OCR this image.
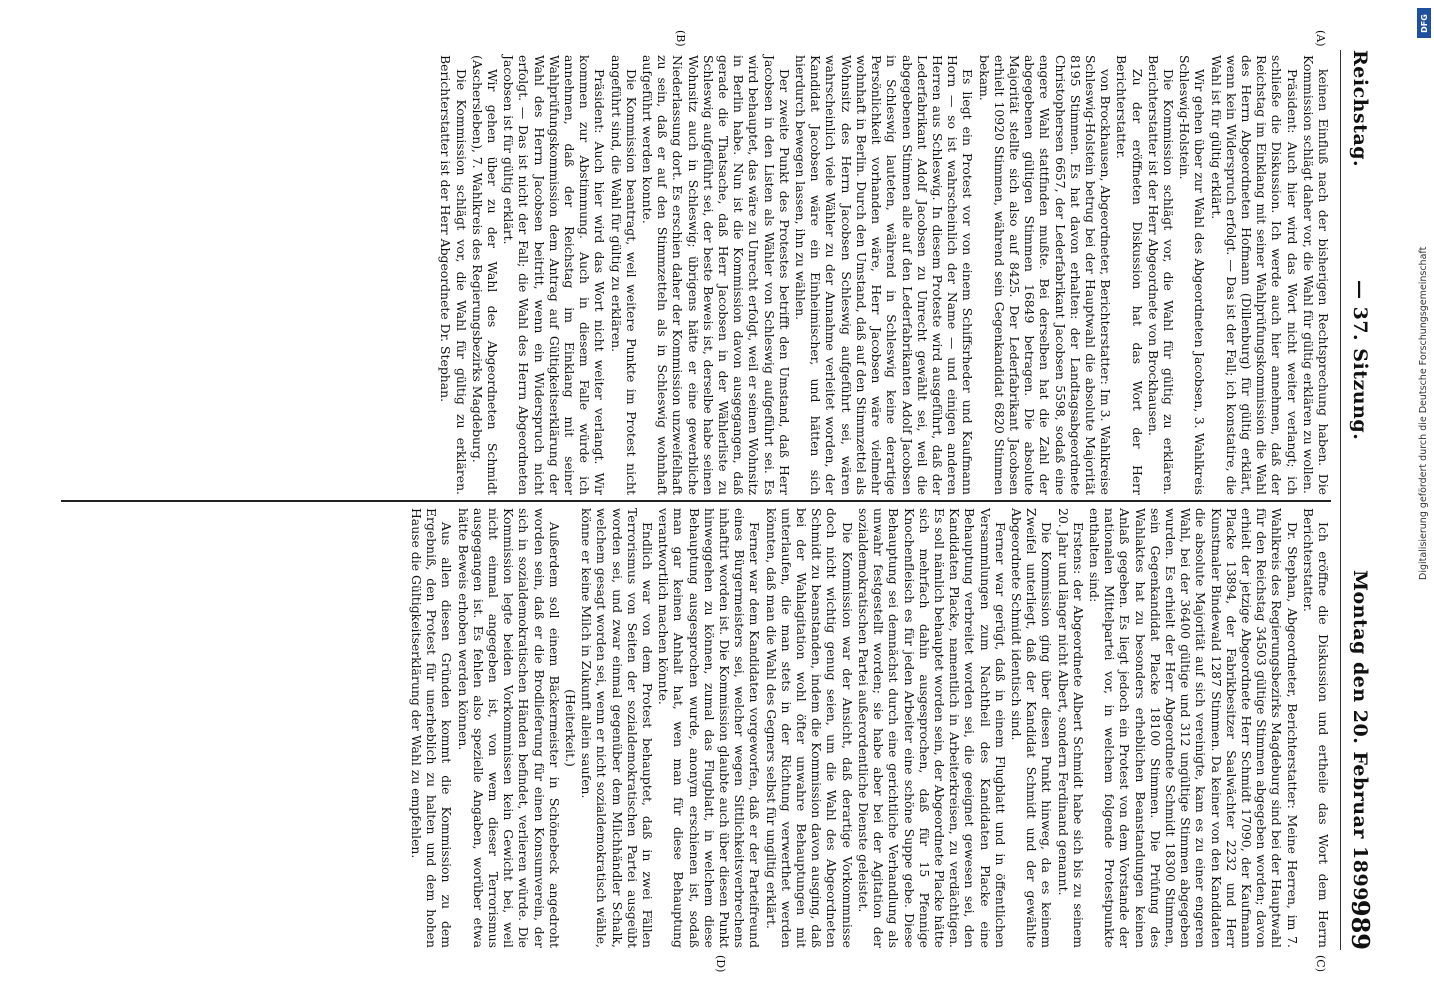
Reichstag.
— 37. Sitzung.
Montag den 20. Februar 1899.
989
(A)
(B)
(C)
(D)

keinen Einfluß nach der bisherigen Rechtsprechung haben. Die Kommission schlägt daher vor, die Wahl für gültig erklären zu wollen.

Präsident: Auch hier wird das Wort nicht weiter verlangt; ich schließe die Diskussion. Ich werde auch hier annehmen, daß der Reichstag im Einklang mit seiner Wahlprüfungskommission die Wahl des Herrn Abgeordneten Hofmann (Dillenburg) für gültig erklärt, wenn kein Widerspruch erfolgt. — Das ist der Fall; ich konstatire, die Wahl ist für gültig erklärt.

Wir gehen über zur Wahl des Abgeordneten Jacobsen, 3. Wahlkreis Schleswig-Holstein.

Die Kommission schlägt vor, die Wahl für gültig zu erklären. Berichterstatter ist der Herr Abgeordnete von Brockhausen.

Zu der eröffneten Diskussion hat das Wort der Herr Berichterstatter.

von Brockhausen, Abgeordneter, Berichterstatter: Im 3. Wahlkreise Schleswig-Holstein betrug bei der Hauptwahl die absolute Majorität 8195 Stimmen. Es hat davon erhalten: der Landtagsabgeordnete Christophersen 6657, der Lederfabrikant Jacobsen 5598, sodaß eine engere Wahl stattfinden mußte. Bei derselben hat die Zahl der abgegebenen gültigen Stimmen 16849 betragen. Die absolute Majorität stellte sich also auf 8425. Der Lederfabrikant Jacobsen erhielt 10920 Stimmen, während sein Gegenkandidat 6820 Stimmen bekam.

Es liegt ein Protest vor von einem Schiffsrheder und Kaufmann Horn — so ist wahrscheinlich der Name — und einigen anderen Herren aus Schleswig. In diesem Proteste wird ausgeführt, daß der Lederfabrikant Adolf Jacobsen zu Unrecht gewählt sei, weil die abgegebenen Stimmen alle auf den Lederfabrikanten Adolf Jacobsen in Schleswig lauteten, während in Schleswig keine derartige Persönlichkeit vorhanden wäre, Herr Jacobsen wäre vielmehr wohnhaft in Berlin. Durch den Umstand, daß auf den Stimmzettel als Wohnsitz des Herrn Jacobsen Schleswig aufgeführt sei, wären wahrscheinlich viele Wähler zu der Annahme verleitet worden, der Kandidat Jacobsen wäre ein Einheimischer, und hätten sich hierdurch bewegen lassen, ihn zu wählen.

Der zweite Punkt des Protestes betrifft den Umstand, daß Herr Jacobsen in den Listen als Wähler von Schleswig aufgeführt sei. Es wird behauptet, das wäre zu Unrecht erfolgt, weil er seinen Wohnsitz in Berlin habe. Nun ist die Kommission davon ausgegangen, daß gerade die Thatsache, daß Herr Jacobsen in der Wählerliste zu Schleswig aufgeführt sei, der beste Beweis ist, derselbe habe seinen Wohnsitz auch in Schleswig; übrigens hätte er eine gewerbliche Niederlassung dort. Es erschien daher der Kommission unzweifelhaft zu sein, daß er auf den Stimmzetteln als in Schleswig wohnhaft aufgeführt werden konnte.

Die Kommission beantragt, weil weitere Punkte im Protest nicht angeführt sind, die Wahl für gültig zu erklären.

Präsident: Auch hier wird das Wort nicht weiter verlangt. Wir kommen zur Abstimmung. Auch in diesem Falle würde ich annehmen, daß der Reichstag im Einklang mit seiner Wahlprüfungskommission dem Antrag auf Gültigkeitserklärung der Wahl des Herrn Jacobsen beitritt, wenn ein Widerspruch nicht erfolgt. — Das ist nicht der Fall; die Wahl des Herrn Abgeordneten Jacobsen ist für gültig erklärt.

Wir gehen über zu der Wahl des Abgeordneten Schmidt (Aschersleben), 7. Wahlkreis des Regierungsbezirks Magdeburg.

Die Kommission schlägt vor, die Wahl für gültig zu erklären. Berichterstatter ist der Herr Abgeordnete Dr. Stephan.

Ich eröffne die Diskussion und ertheile das Wort dem Herrn Berichterstatter.

Dr. Stephan, Abgeordneter, Berichterstatter: Meine Herren, im 7. Wahlkreis des Regierungsbezirks Magdeburg sind bei der Hauptwahl für den Reichstag 34503 gültige Stimmen abgegeben worden; davon erhielt der jetzige Abgeordnete Herr Schmidt 17090, der Kaufmann Placke 13894, der Fabrikbesitzer Saalwächter 2232 und Herr Kunstmaler Bindewald 1287 Stimmen. Da keiner von den Kandidaten die absolute Majorität auf sich vereinigte, kam es zu einer engeren Wahl, bei der 36400 gültige und 312 ungültige Stimmen abgegeben wurden. Es erhielt der Herr Abgeordnete Schmidt 18300 Stimmen, sein Gegenkandidat Placke 18100 Stimmen. Die Prüfung des Wahlaktes hat zu besonders erheblichen Beanstandungen keinen Anlaß gegeben. Es liegt jedoch ein Protest von dem Vorstande der nationalen Mittelpartei vor, in welchem folgende Protestpunkte enthalten sind:

Erstens: der Abgeordnete Albert Schmidt habe sich bis zu seinem 20. Jahr und länger nicht Albert, sondern Ferdinand genannt.

Die Kommission ging über diesen Punkt hinweg, da es keinem Zweifel unterliegt, daß der Kandidat Schmidt und der gewählte Abgeordnete Schmidt identisch sind.

Ferner war gerügt, daß in einem Flugblatt und in öffentlichen Versammlungen zum Nachtheil des Kandidaten Placke eine Behauptung verbreitet worden sei, die geeignet gewesen sei, den Kandidaten Placke, namentlich in Arbeiterkreisen, zu verdächtigen. Es soll nämlich behauptet worden sein, der Abgeordnete Placke hätte sich mehrfach dahin ausgesprochen, daß für 15 Pfennige Knochenfleisch es für jeden Arbeiter eine schöne Suppe gebe. Diese Behauptung sei demnächst durch eine gerichtliche Verhandlung als unwahr festgestellt worden; sie habe aber bei der Agitation der sozialdemokratischen Partei außerordentliche Dienste geleistet.

Die Kommission war der Ansicht, daß derartige Vorkommnisse doch nicht wichtig genug seien, um die Wahl des Abgeordneten Schmidt zu beanstanden, indem die Kommission davon ausging, daß bei der Wahlagitation wohl öfter unwahre Behauptungen mit unterlaufen, die man stets in der Richtung verwerthet werden könnten, daß man die Wahl des Gegners selbst für ungiltig erklärt.

Ferner war dem Kandidaten vorgeworfen, daß er der Parteifreund eines Bürgermeisters sei, welcher wegen Sittlichkeitsverbrechens inhaftirt worden ist. Die Kommission glaubte auch über diesen Punkt hinweggehen zu können, zumal das Flugblatt, in welchem diese Behauptung ausgesprochen wurde, anonym erschienen ist, sodaß man gar keinen Anhalt hat, wen man für diese Behauptung verantwortlich machen könnte.

Endlich war von dem Protest behauptet, daß in zwei Fällen Terrorismus von Seiten der sozialdemokratischen Partei ausgeübt worden sei, und zwar einmal gegenüber dem Milchhändler Schalk, welchem gesagt worden sei, wenn er nicht sozialdemokratisch wähle, könne er keine Milch in Zukunft allein saufen.

(Heiterkeit.)

Außerdem soll einem Bäckermeister in Schönebeck angedroht worden sein, daß er die Brodlieferung für einen Konsumverein, der sich in sozialdemokratischen Händen befindet, verlieren würde. Die Kommission legte beiden Vorkommnissen kein Gewicht bei, weil nicht einmal angegeben ist, von wem dieser Terrorismus ausgegangen ist. Es fehlen also spezielle Angaben, worüber etwa hätte Beweis erhoben werden können.

Aus allen diesen Gründen kommt die Kommission zu dem Ergebniß, den Protest für unerheblich zu halten und dem hohen Hause die Gültigkeitserklärung der Wahl zu empfehlen.

DFG
Digitalisierung gefördert durch die Deutsche Forschungsgemeinschaft
